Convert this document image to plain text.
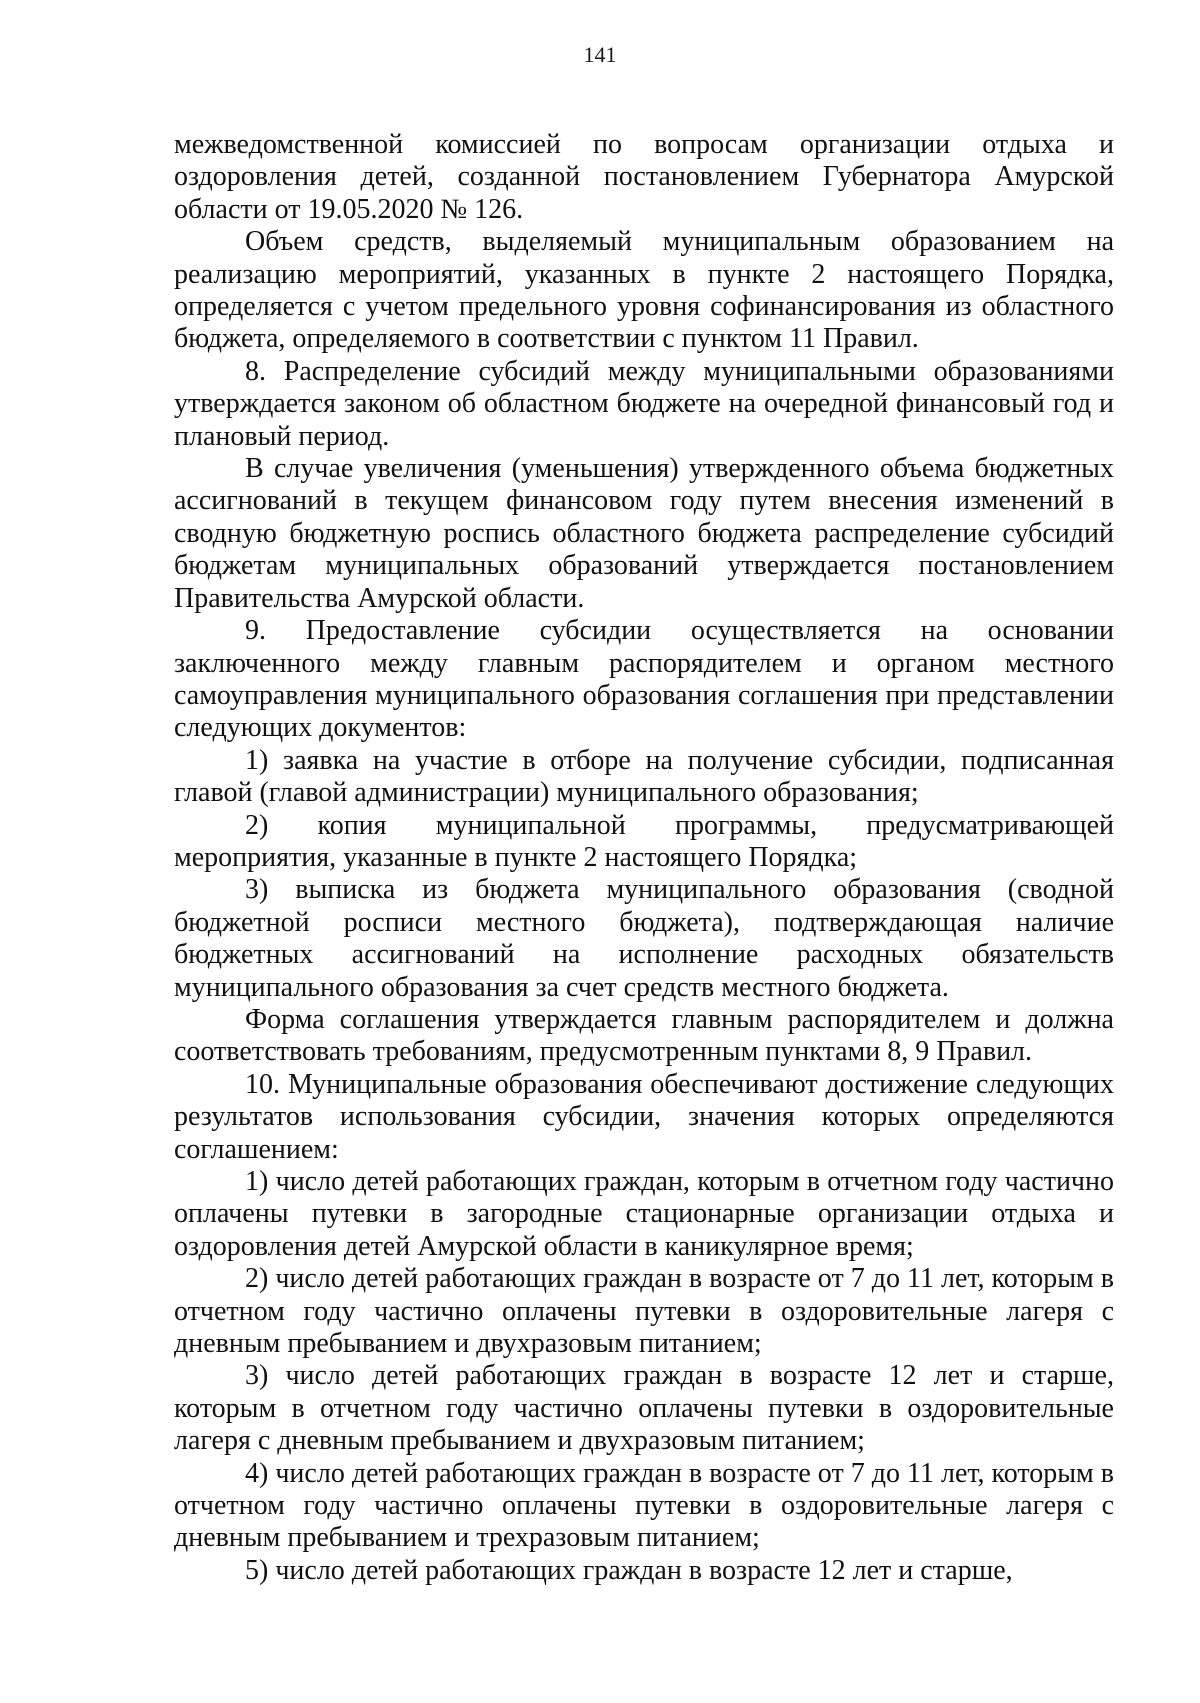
141

межведомственной комиссией по вопросам организации отдыха и оздоровления детей, созданной постановлением Губернатора Амурской области от 19.05.2020 № 126.

Объем средств, выделяемый муниципальным образованием на реализацию мероприятий, указанных в пункте 2 настоящего Порядка, определяется с учетом предельного уровня софинансирования из областного бюджета, определяемого в соответствии с пунктом 11 Правил.

8. Распределение субсидий между муниципальными образованиями утверждается законом об областном бюджете на очередной финансовый год и плановый период.

В случае увеличения (уменьшения) утвержденного объема бюджетных ассигнований в текущем финансовом году путем внесения изменений в сводную бюджетную роспись областного бюджета распределение субсидий бюджетам муниципальных образований утверждается постановлением Правительства Амурской области.

9. Предоставление субсидии осуществляется на основании заключенного между главным распорядителем и органом местного самоуправления муниципального образования соглашения при представлении следующих документов:

1) заявка на участие в отборе на получение субсидии, подписанная главой (главой администрации) муниципального образования;

2) копия муниципальной программы, предусматривающей мероприятия, указанные в пункте 2 настоящего Порядка;

3) выписка из бюджета муниципального образования (сводной бюджетной росписи местного бюджета), подтверждающая наличие бюджетных ассигнований на исполнение расходных обязательств муниципального образования за счет средств местного бюджета.

Форма соглашения утверждается главным распорядителем и должна соответствовать требованиям, предусмотренным пунктами 8, 9 Правил.

10. Муниципальные образования обеспечивают достижение следующих результатов использования субсидии, значения которых определяются соглашением:

1) число детей работающих граждан, которым в отчетном году частично оплачены путевки в загородные стационарные организации отдыха и оздоровления детей Амурской области в каникулярное время;

2) число детей работающих граждан в возрасте от 7 до 11 лет, которым в отчетном году частично оплачены путевки в оздоровительные лагеря с дневным пребыванием и двухразовым питанием;

3) число детей работающих граждан в возрасте 12 лет и старше, которым в отчетном году частично оплачены путевки в оздоровительные лагеря с дневным пребыванием и двухразовым питанием;

4) число детей работающих граждан в возрасте от 7 до 11 лет, которым в отчетном году частично оплачены путевки в оздоровительные лагеря с дневным пребыванием и трехразовым питанием;

5) число детей работающих граждан в возрасте 12 лет и старше,
